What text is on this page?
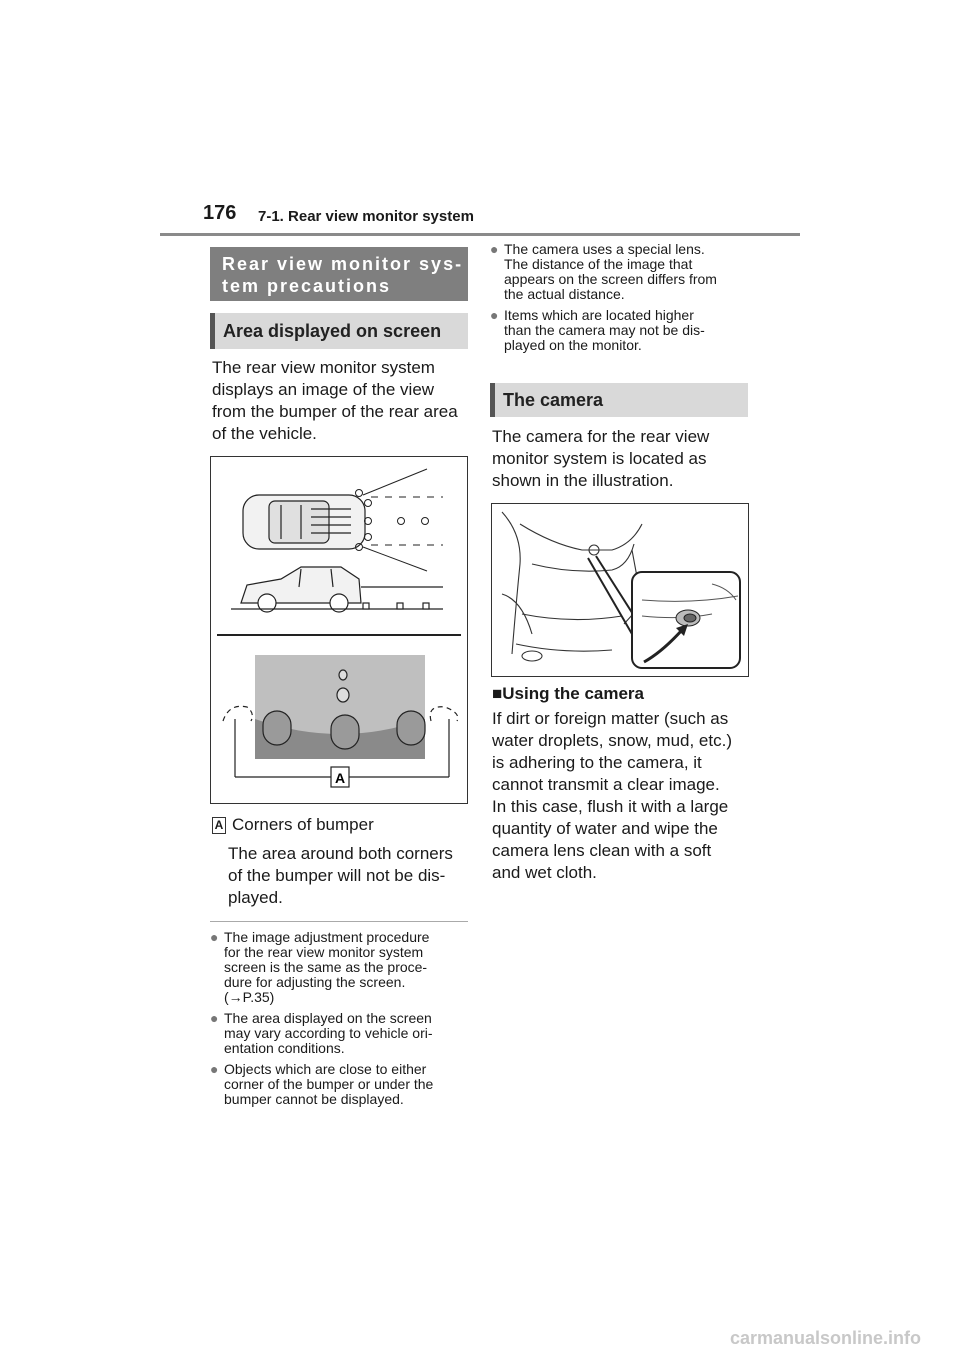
176 7-1. Rear view monitor system
Rear view monitor sys-
tem precautions
Area displayed on screen
The rear view monitor system
displays an image of the view
from the bumper of the rear area
of the vehicle.
A
A Corners of bumper
The area around both corners
of the bumper will not be dis-
played.
● The image adjustment procedure
for the rear view monitor system
screen is the same as the proce-
dure for adjusting the screen.
(→P.35)
● The area displayed on the screen
may vary according to vehicle ori-
entation conditions.
● Objects which are close to either
corner of the bumper or under the
bumper cannot be displayed.
● The camera uses a special lens.
The distance of the image that
appears on the screen differs from
the actual distance.
● Items which are located higher
than the camera may not be dis-
played on the monitor.
The camera
The camera for the rear view
monitor system is located as
shown in the illustration.
■Using the camera
If dirt or foreign matter (such as
water droplets, snow, mud, etc.)
is adhering to the camera, it
cannot transmit a clear image.
In this case, flush it with a large
quantity of water and wipe the
camera lens clean with a soft
and wet cloth.
carmanualsonline.info
